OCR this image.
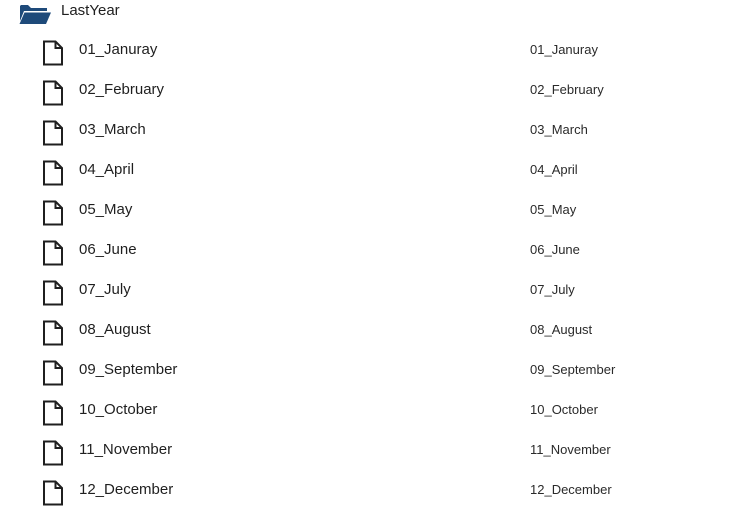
LastYear
01_Januray	01_Januray
02_February	02_February
03_March	03_March
04_April	04_April
05_May	05_May
06_June	06_June
07_July	07_July
08_August	08_August
09_September	09_September
10_October	10_October
11_November	11_November
12_December	12_December
